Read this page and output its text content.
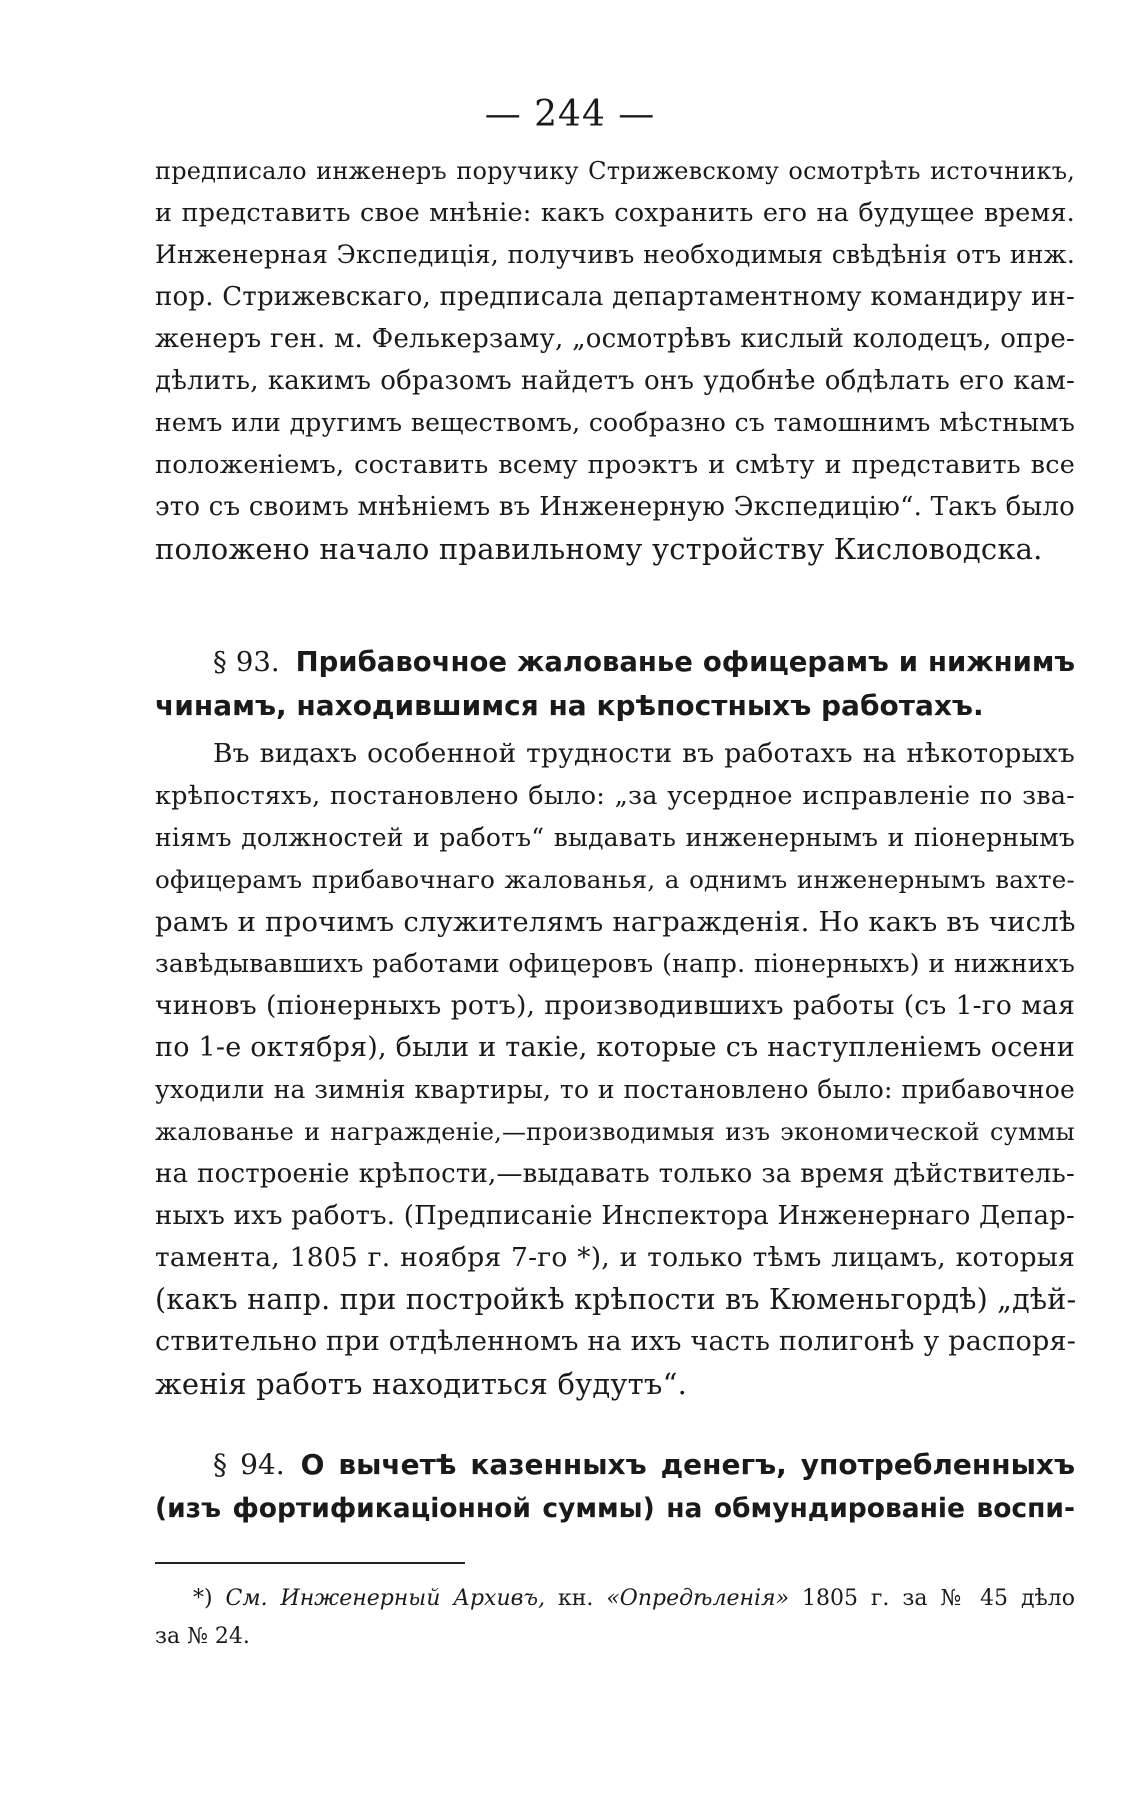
— 244 —
предписало инженеръ поручику Стрижевскому осмотрѣть источникъ,
и представить свое мнѣніе: какъ сохранить его на будущее время.
Инженерная Экспедиція, получивъ необходимыя свѣдѣнія отъ инж.
пор. Стрижевскаго, предписала департаментному командиру ин-
женеръ ген. м. Фелькерзаму, „осмотрѣвъ кислый колодецъ, опре-
дѣлить, какимъ образомъ найдетъ онъ удобнѣе обдѣлать его кам-
немъ или другимъ веществомъ, сообразно съ тамошнимъ мѣстнымъ
положеніемъ, составить всему проэктъ и смѣту и представить все
это съ своимъ мнѣніемъ въ Инженерную Экспедицію“. Такъ было
положено начало правильному устройству Кисловодска.
§ 93. Прибавочное жалованье офицерамъ и нижнимъ
чинамъ, находившимся на крѣпостныхъ работахъ.
Въ видахъ особенной трудности въ работахъ на нѣкоторыхъ
крѣпостяхъ, постановлено было: „за усердное исправленіе по зва-
ніямъ должностей и работъ“ выдавать инженернымъ и піонернымъ
офицерамъ прибавочнаго жалованья, а однимъ инженернымъ вахте-
рамъ и прочимъ служителямъ награжденія. Но какъ въ числѣ
завѣдывавшихъ работами офицеровъ (напр. піонерныхъ) и нижнихъ
чиновъ (піонерныхъ ротъ), производившихъ работы (съ 1-го мая
по 1-е октября), были и такіе, которые съ наступленіемъ осени
уходили на зимнія квартиры, то и постановлено было: прибавочное
жалованье и награжденіе,—производимыя изъ экономической суммы
на построеніе крѣпости,—выдавать только за время дѣйствитель-
ныхъ ихъ работъ. (Предписаніе Инспектора Инженернаго Депар-
тамента, 1805 г. ноября 7-го *), и только тѣмъ лицамъ, которыя
(какъ напр. при постройкѣ крѣпости въ Кюменьгордѣ) „дѣй-
ствительно при отдѣленномъ на ихъ часть полигонѣ у распоря-
женія работъ находиться будутъ“.
§ 94. О вычетѣ казенныхъ денегъ, употребленныхъ
(изъ фортификаціонной суммы) на обмундированіе воспи-
*) См. Инженерный Архивъ, кн. «Опредѣленія» 1805 г. за № 45 дѣло
за № 24.
